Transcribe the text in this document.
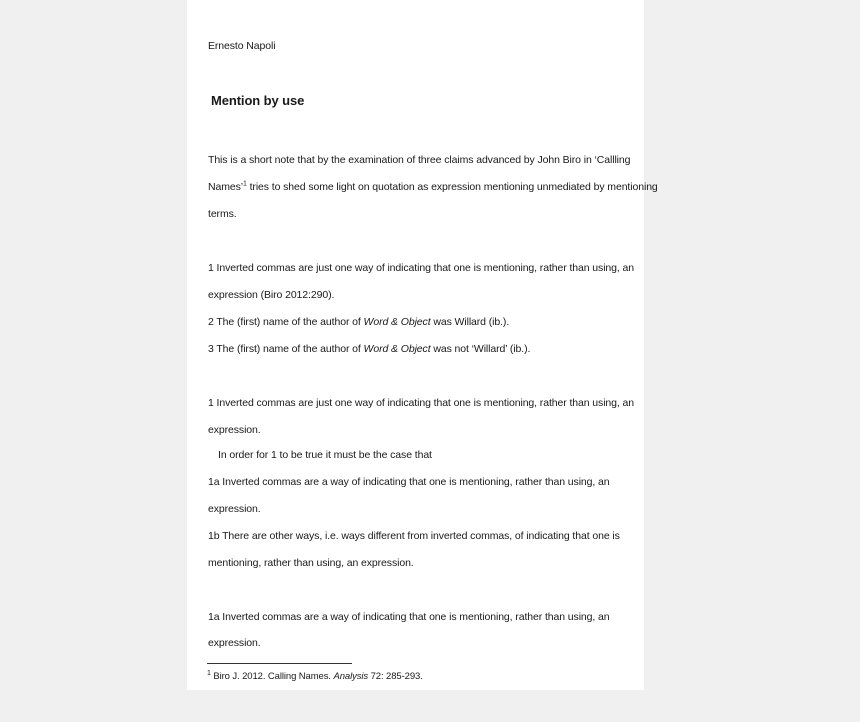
Ernesto Napoli
Mention by use
This is a short note that by the examination of three claims advanced by John Biro in ‘Callling
Names’$^1$ tries to shed some light on quotation as expression mentioning unmediated by mentioning
terms.
1 Inverted commas are just one way of indicating that one is mentioning, rather than using, an
expression (Biro 2012:290).
2 The (first) name of the author of Word & Object was Willard (ib.).
3 The (first) name of the author of Word & Object was not ‘Willard’ (ib.).
1 Inverted commas are just one way of indicating that one is mentioning, rather than using, an
expression.
In order for 1 to be true it must be the case that
1a Inverted commas are a way of indicating that one is mentioning, rather than using, an
expression.
1b There are other ways, i.e. ways different from inverted commas, of indicating that one is
mentioning, rather than using, an expression.
1a Inverted commas are a way of indicating that one is mentioning, rather than using, an
expression.
$^1$ Biro J. 2012. Calling Names. Analysis 72: 285-293.
